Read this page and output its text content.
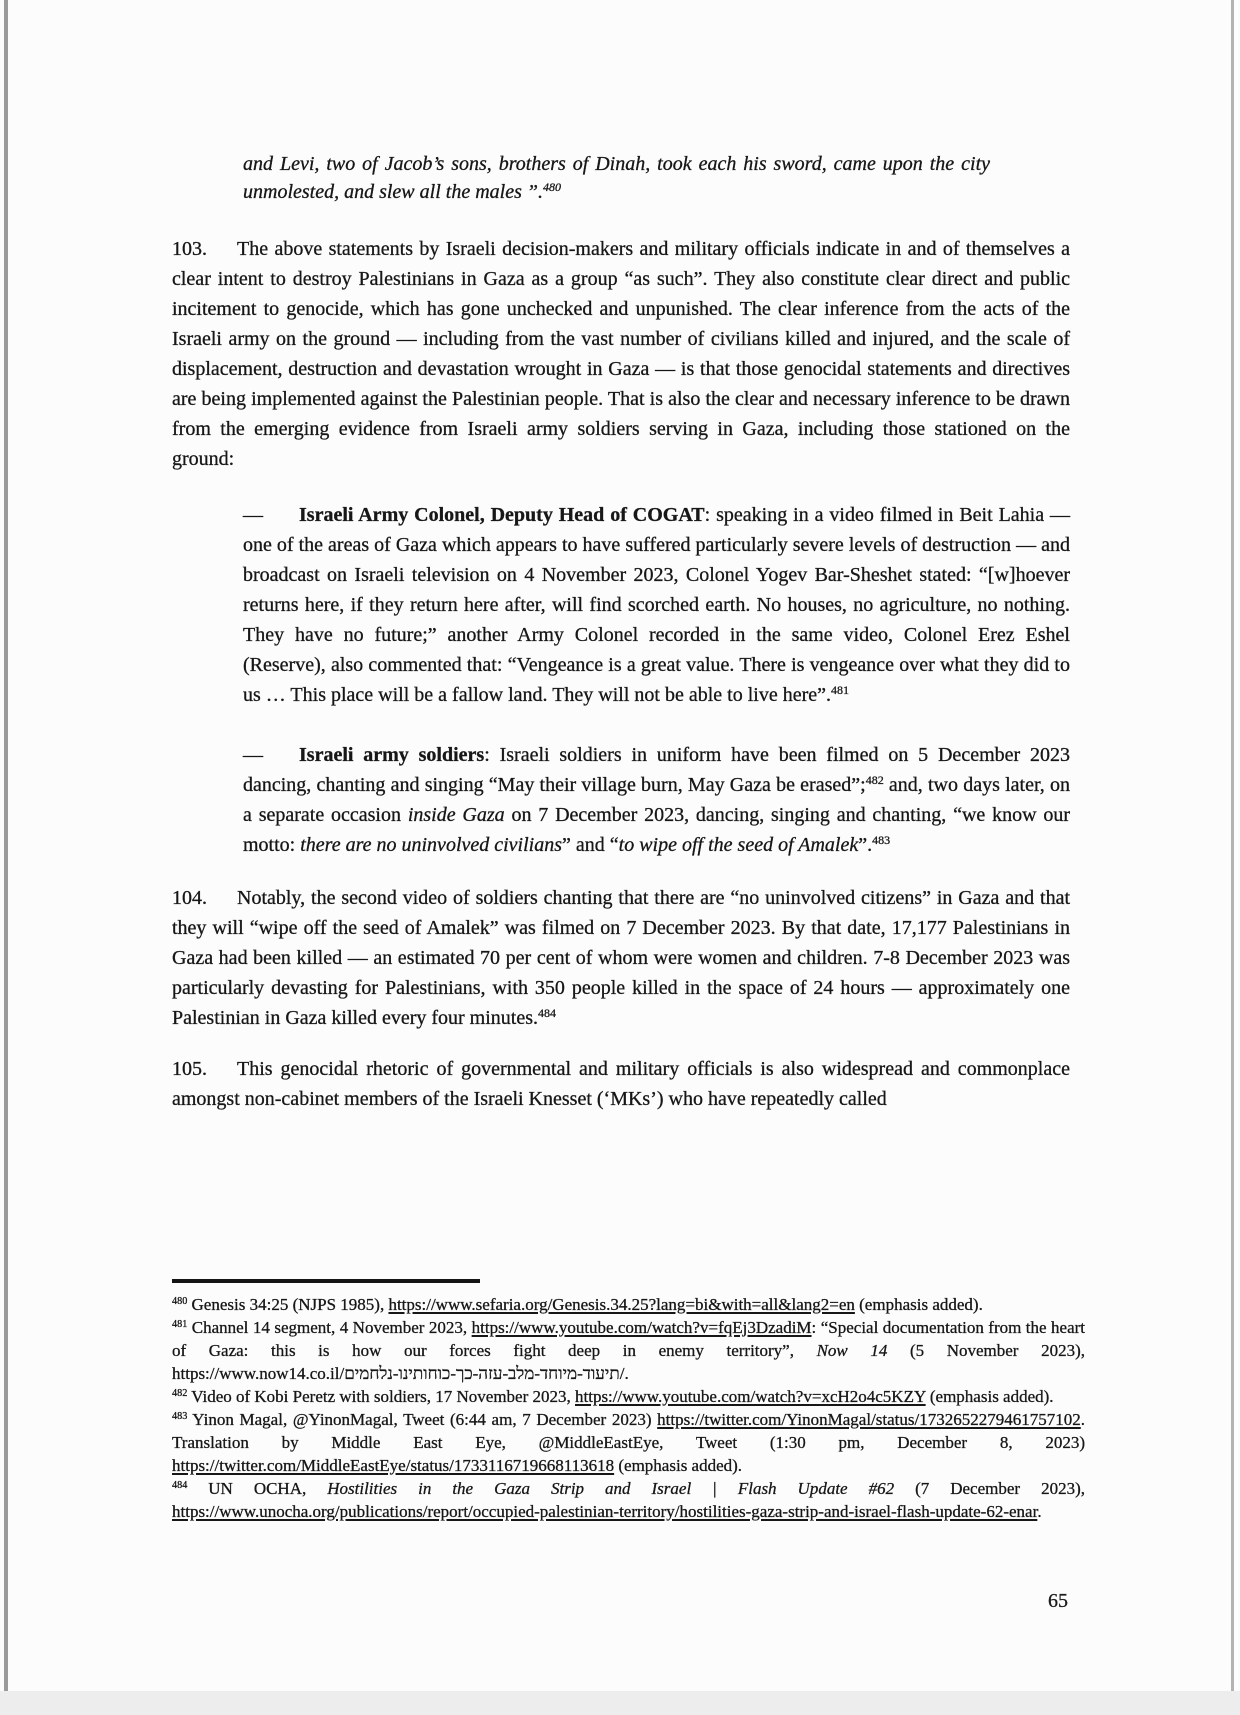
and Levi, two of Jacob’s sons, brothers of Dinah, took each his sword, came upon the city unmolested, and slew all the males ”.$^{480}$

103. The above statements by Israeli decision-makers and military officials indicate in and of themselves a clear intent to destroy Palestinians in Gaza as a group “as such”. They also constitute clear direct and public incitement to genocide, which has gone unchecked and unpunished. The clear inference from the acts of the Israeli army on the ground — including from the vast number of civilians killed and injured, and the scale of displacement, destruction and devastation wrought in Gaza — is that those genocidal statements and directives are being implemented against the Palestinian people. That is also the clear and necessary inference to be drawn from the emerging evidence from Israeli army soldiers serving in Gaza, including those stationed on the ground:

— Israeli Army Colonel, Deputy Head of COGAT: speaking in a video filmed in Beit Lahia — one of the areas of Gaza which appears to have suffered particularly severe levels of destruction — and broadcast on Israeli television on 4 November 2023, Colonel Yogev Bar-Sheshet stated: “[w]hoever returns here, if they return here after, will find scorched earth. No houses, no agriculture, no nothing. They have no future;” another Army Colonel recorded in the same video, Colonel Erez Eshel (Reserve), also commented that: “Vengeance is a great value. There is vengeance over what they did to us … This place will be a fallow land. They will not be able to live here”.$^{481}$
— Israeli army soldiers: Israeli soldiers in uniform have been filmed on 5 December 2023 dancing, chanting and singing “May their village burn, May Gaza be erased”;$^{482}$ and, two days later, on a separate occasion inside Gaza on 7 December 2023, dancing, singing and chanting, “we know our motto: there are no uninvolved civilians” and “to wipe off the seed of Amalek”.$^{483}$

104. Notably, the second video of soldiers chanting that there are “no uninvolved citizens” in Gaza and that they will “wipe off the seed of Amalek” was filmed on 7 December 2023. By that date, 17,177 Palestinians in Gaza had been killed — an estimated 70 per cent of whom were women and children. 7-8 December 2023 was particularly devasting for Palestinians, with 350 people killed in the space of 24 hours — approximately one Palestinian in Gaza killed every four minutes.$^{484}$

105. This genocidal rhetoric of governmental and military officials is also widespread and commonplace amongst non-cabinet members of the Israeli Knesset (‘MKs’) who have repeatedly called

$^{480}$ Genesis 34:25 (NJPS 1985), https://www.sefaria.org/Genesis.34.25?lang=bi&with=all&lang2=en (emphasis added).
$^{481}$ Channel 14 segment, 4 November 2023, https://www.youtube.com/watch?v=fqEj3DzadiM: “Special documentation from the heart of Gaza: this is how our forces fight deep in enemy territory”, Now 14 (5 November 2023), https://www.now14.co.il/תיעוד-מיוחד-מלב-עזה-כך-כוחותינו-נלחמים/.
$^{482}$ Video of Kobi Peretz with soldiers, 17 November 2023, https://www.youtube.com/watch?v=xcH2o4c5KZY (emphasis added).
$^{483}$ Yinon Magal, @YinonMagal, Tweet (6:44 am, 7 December 2023) https://twitter.com/YinonMagal/status/1732652279461757102. Translation by Middle East Eye, @MiddleEastEye, Tweet (1:30 pm, December 8, 2023) https://twitter.com/MiddleEastEye/status/1733116719668113618 (emphasis added).
$^{484}$ UN OCHA, Hostilities in the Gaza Strip and Israel | Flash Update #62 (7 December 2023), https://www.unocha.org/publications/report/occupied-palestinian-territory/hostilities-gaza-strip-and-israel-flash-update-62-enar.
65
